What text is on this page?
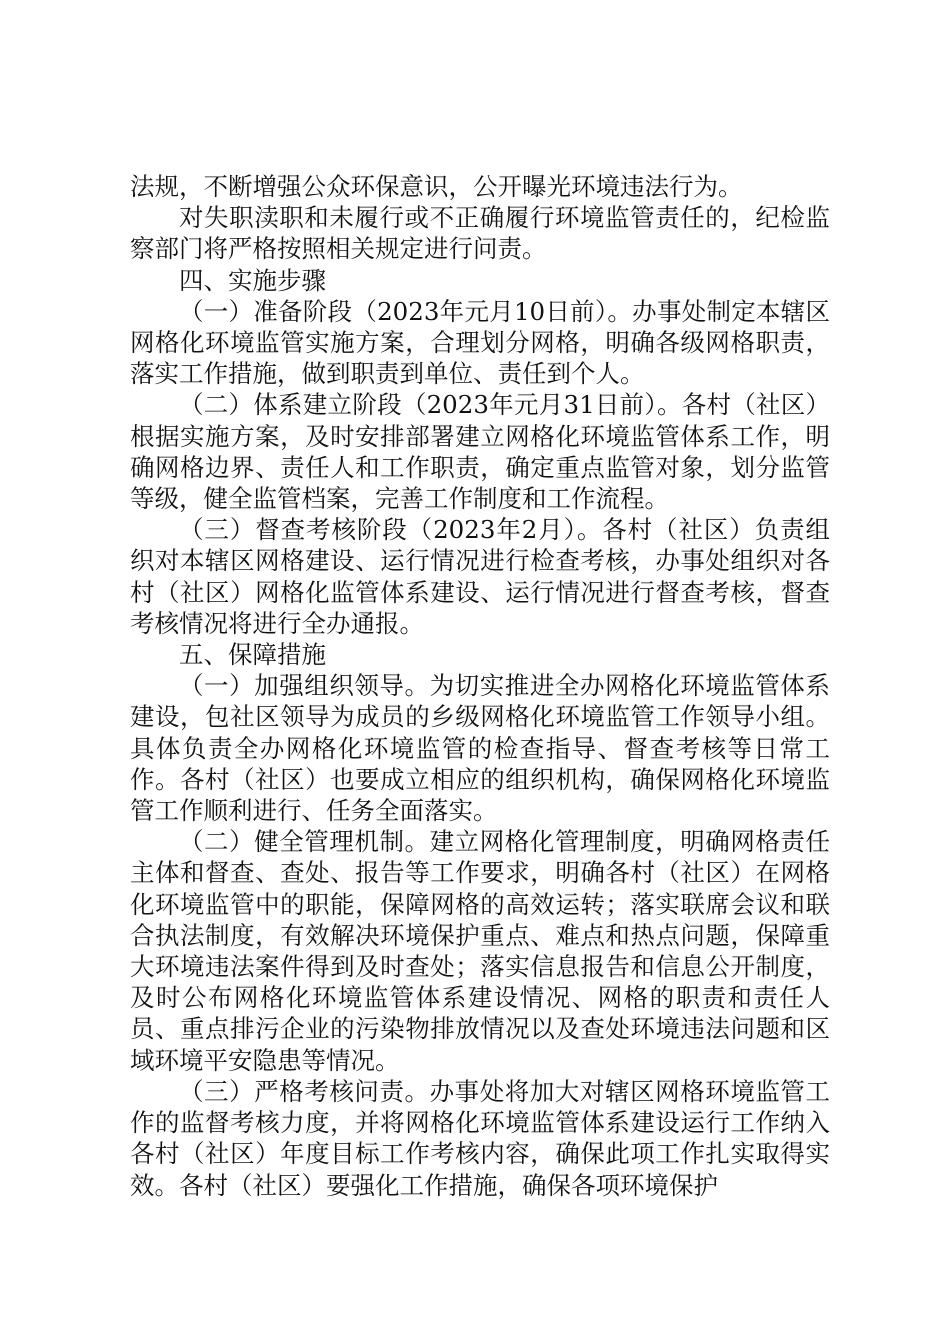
法规，不断增强公众环保意识，公开曝光环境违法行为。

对失职渎职和未履行或不正确履行环境监管责任的，纪检监察部门将严格按照相关规定进行问责。

四、实施步骤

（一）准备阶段（2023年元月10日前）。办事处制定本辖区网格化环境监管实施方案，合理划分网格，明确各级网格职责，落实工作措施，做到职责到单位、责任到个人。

（二）体系建立阶段（2023年元月31日前）。各村（社区）根据实施方案，及时安排部署建立网格化环境监管体系工作，明确网格边界、责任人和工作职责，确定重点监管对象，划分监管等级，健全监管档案，完善工作制度和工作流程。

（三）督查考核阶段（2023年2月）。各村（社区）负责组织对本辖区网格建设、运行情况进行检查考核，办事处组织对各村（社区）网格化监管体系建设、运行情况进行督查考核，督查考核情况将进行全办通报。

五、保障措施

（一）加强组织领导。为切实推进全办网格化环境监管体系建设，包社区领导为成员的乡级网格化环境监管工作领导小组。具体负责全办网格化环境监管的检查指导、督查考核等日常工作。各村（社区）也要成立相应的组织机构，确保网格化环境监管工作顺利进行、任务全面落实。

（二）健全管理机制。建立网格化管理制度，明确网格责任主体和督查、查处、报告等工作要求，明确各村（社区）在网格化环境监管中的职能，保障网格的高效运转；落实联席会议和联合执法制度，有效解决环境保护重点、难点和热点问题，保障重大环境违法案件得到及时查处；落实信息报告和信息公开制度，及时公布网格化环境监管体系建设情况、网格的职责和责任人员、重点排污企业的污染物排放情况以及查处环境违法问题和区域环境平安隐患等情况。

（三）严格考核问责。办事处将加大对辖区网格环境监管工作的监督考核力度，并将网格化环境监管体系建设运行工作纳入各村（社区）年度目标工作考核内容，确保此项工作扎实取得实效。各村（社区）要强化工作措施，确保各项环境保护
